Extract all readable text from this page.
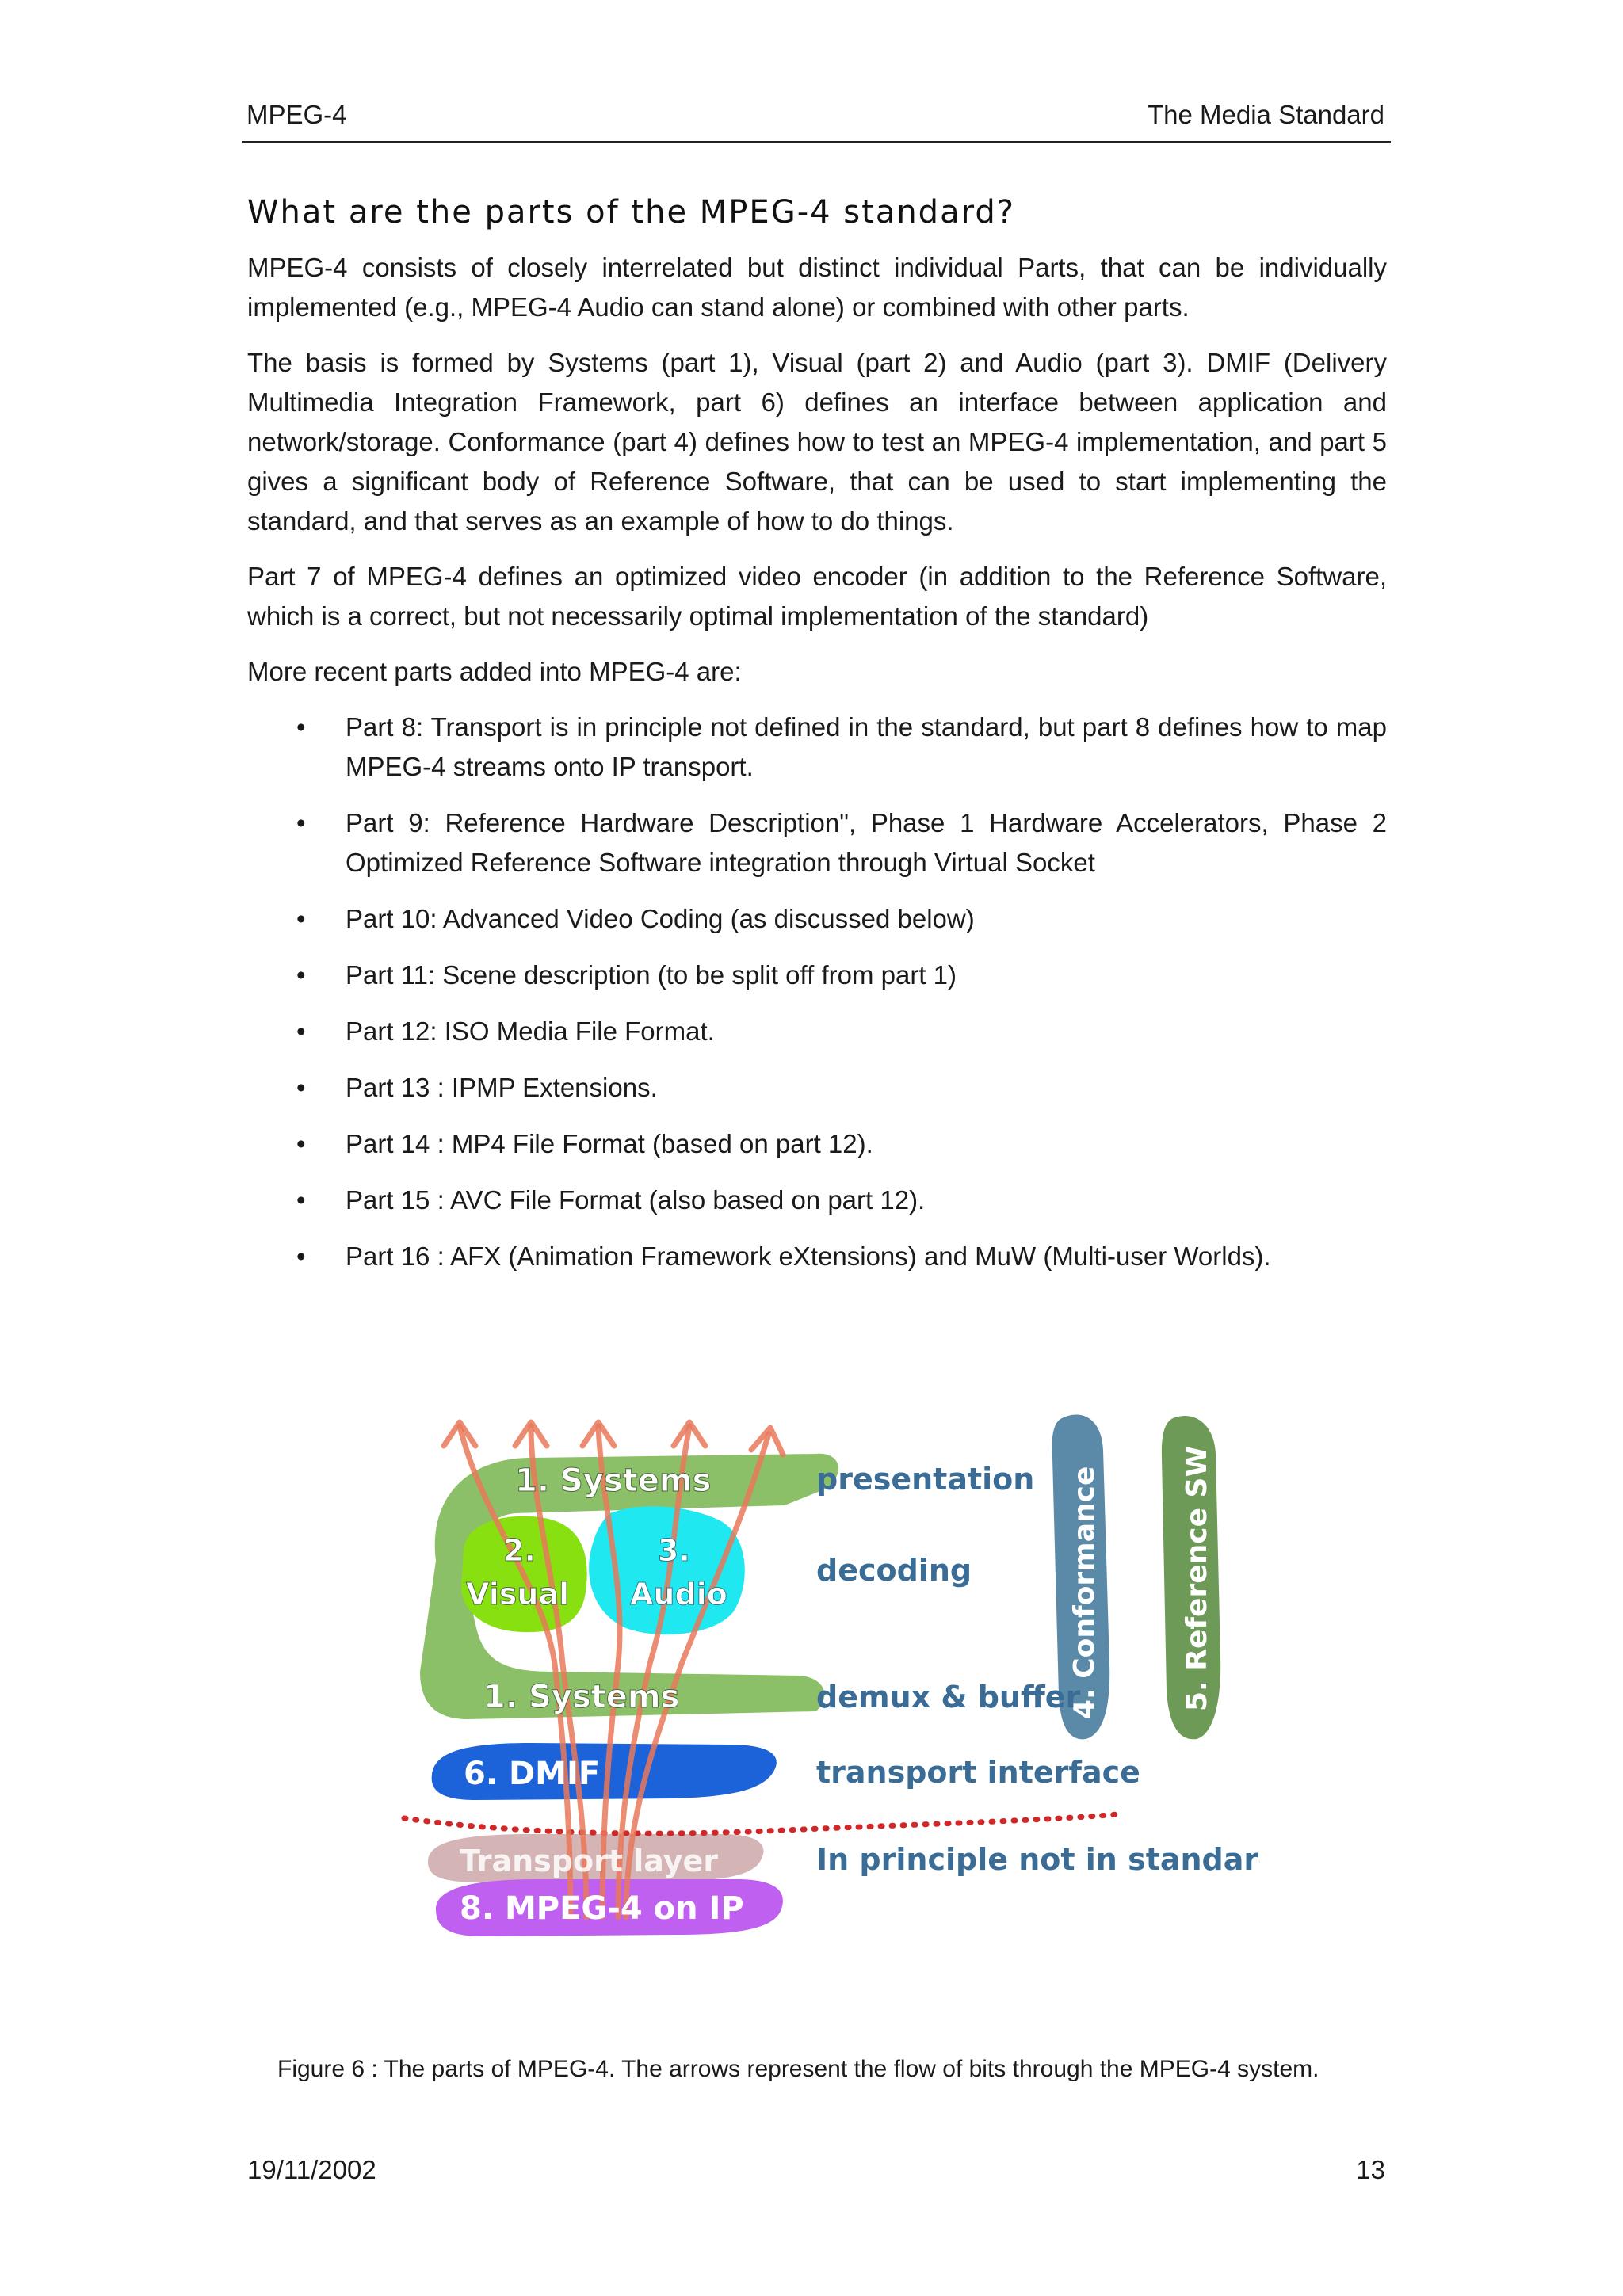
MPEG-4	The Media Standard
What are the parts of the MPEG-4 standard?

MPEG-4 consists of closely interrelated but distinct individual Parts, that can be individually implemented (e.g., MPEG-4 Audio can stand alone) or combined with other parts.

The basis is formed by Systems (part 1), Visual (part 2) and Audio (part 3). DMIF (Delivery Multimedia Integration Framework, part 6) defines an interface between application and network/storage. Conformance (part 4) defines how to test an MPEG-4 implementation, and part 5 gives a significant body of Reference Software, that can be used to start implementing the standard, and that serves as an example of how to do things.

Part 7 of MPEG-4 defines an optimized video encoder (in addition to the Reference Software, which is a correct, but not necessarily optimal implementation of the standard)

More recent parts added into MPEG-4 are:

• Part 8: Transport is in principle not defined in the standard, but part 8 defines how to map MPEG-4 streams onto IP transport.
• Part 9: Reference Hardware Description", Phase 1 Hardware Accelerators, Phase 2 Optimized Reference Software integration through Virtual Socket
• Part 10: Advanced Video Coding (as discussed below)
• Part 11: Scene description (to be split off from part 1)
• Part 12: ISO Media File Format.
• Part 13 : IPMP Extensions.
• Part 14 : MP4 File Format (based on part 12).
• Part 15 : AVC File Format (also based on part 12).
• Part 16 : AFX (Animation Framework eXtensions) and MuW (Multi-user Worlds).
1. Systems
2.
Visual
3.
Audio
1. Systems
6. DMIF
Transport layer
8. MPEG-4 on IP
4. Conformance	5. Reference SW
presentation
decoding
demux & buffer
transport interface
In principle not in standard
Figure 6 : The parts of MPEG-4. The arrows represent the flow of bits through the MPEG-4 system.
19/11/2002	13
